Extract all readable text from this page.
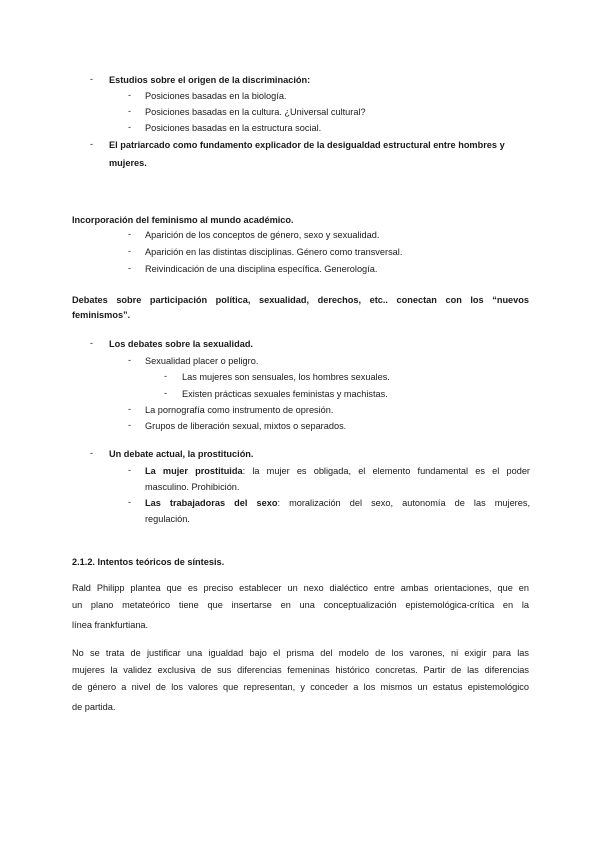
- Estudios sobre el origen de la discriminación:
- Posiciones basadas en la biología.
- Posiciones basadas en la cultura. ¿Universal cultural?
- Posiciones basadas en la estructura social.
- El patriarcado como fundamento explicador de la desigualdad estructural entre hombres y
mujeres.
Incorporación del feminismo al mundo académico.
- Aparición de los conceptos de género, sexo y sexualidad.
- Aparición en las distintas disciplinas. Género como transversal.
- Reivindicación de una disciplina específica. Generología.
Debates sobre participación política, sexualidad, derechos, etc.. conectan con los “nuevos
feminismos”.
- Los debates sobre la sexualidad.
- Sexualidad placer o peligro.
- Las mujeres son sensuales, los hombres sexuales.
- Existen prácticas sexuales feministas y machistas.
- La pornografía como instrumento de opresión.
- Grupos de liberación sexual, mixtos o separados.
- Un debate actual, la prostitución.
- La mujer prostituida: la mujer es obligada, el elemento fundamental es el poder
masculino. Prohibición.
- Las trabajadoras del sexo: moralización del sexo, autonomía de las mujeres,
regulación.
2.1.2. Intentos teóricos de síntesis.
Rald Philipp plantea que es preciso establecer un nexo dialéctico entre ambas orientaciones, que en
un plano metateórico tiene que insertarse en una conceptualización epistemológica-crítica en la
línea frankfurtiana.
No se trata de justificar una igualdad bajo el prisma del modelo de los varones, ni exigir para las
mujeres la validez exclusiva de sus diferencias femeninas histórico concretas. Partir de las diferencias
de género a nivel de los valores que representan, y conceder a los mismos un estatus epistemológico
de partida.
